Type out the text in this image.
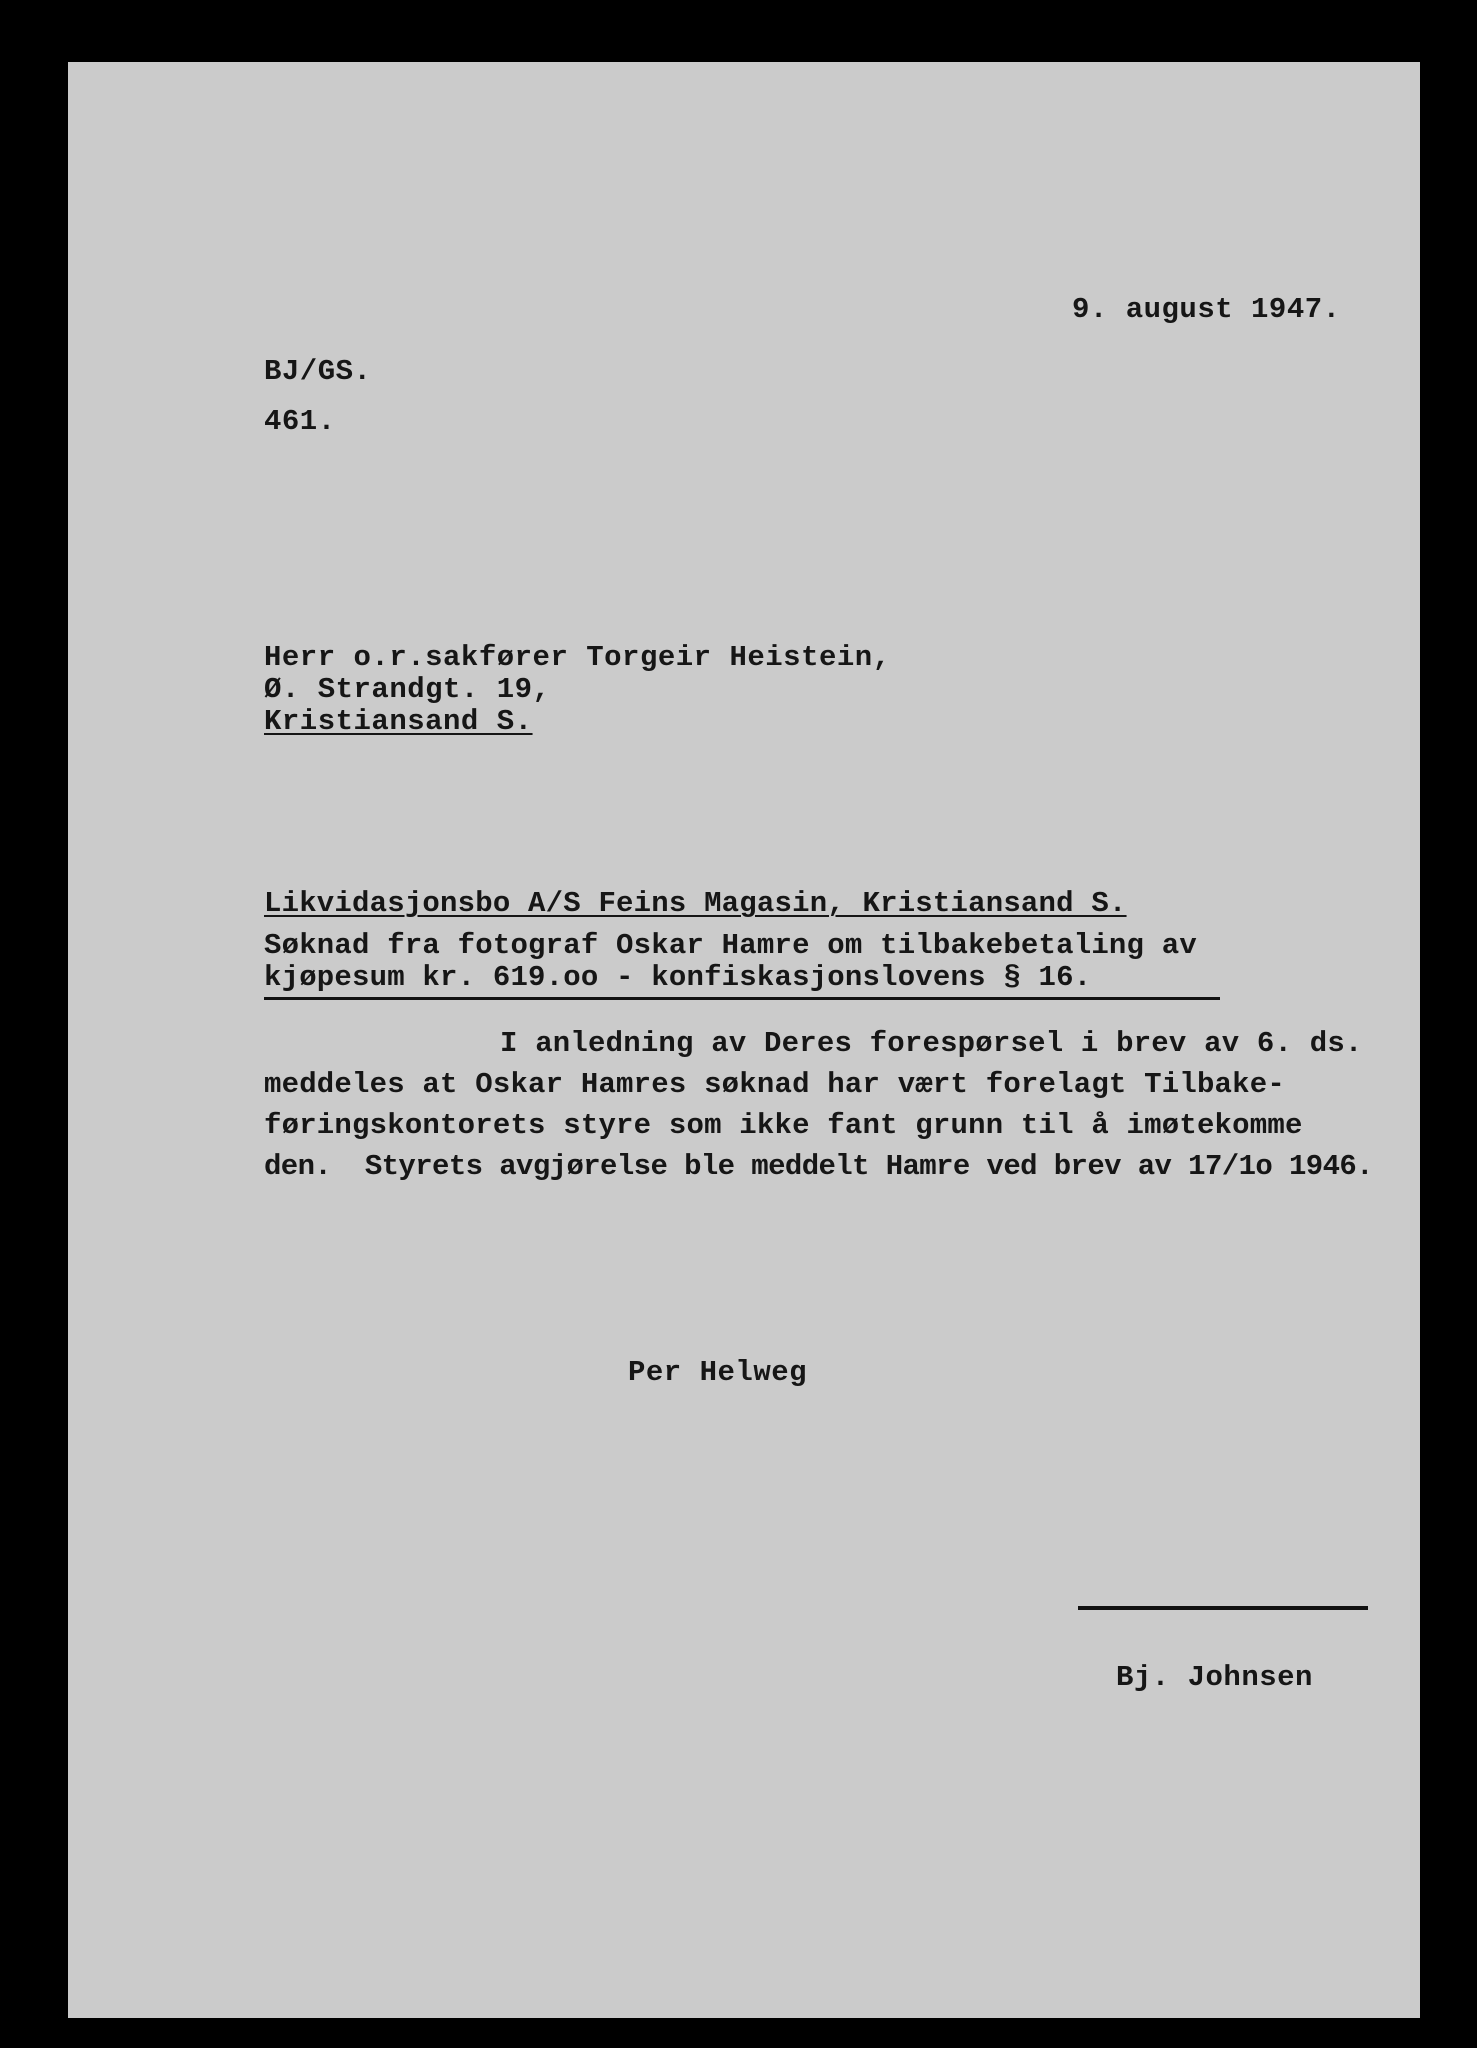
9. august 1947.
BJ/GS.
461.
Herr o.r.sakfører Torgeir Heistein,
Ø. Strandgt. 19,
Kristiansand S.
Likvidasjonsbo A/S Feins Magasin, Kristiansand S.
Søknad fra fotograf Oskar Hamre om tilbakebetaling av
kjøpesum kr. 619.oo - konfiskasjonslovens § 16.
I anledning av Deres forespørsel i brev av 6. ds.
meddeles at Oskar Hamres søknad har vært forelagt Tilbake-
føringskontorets styre som ikke fant grunn til å imøtekomme
den.  Styrets avgjørelse ble meddelt Hamre ved brev av 17/1o 1946.
Per Helweg
Bj. Johnsen
